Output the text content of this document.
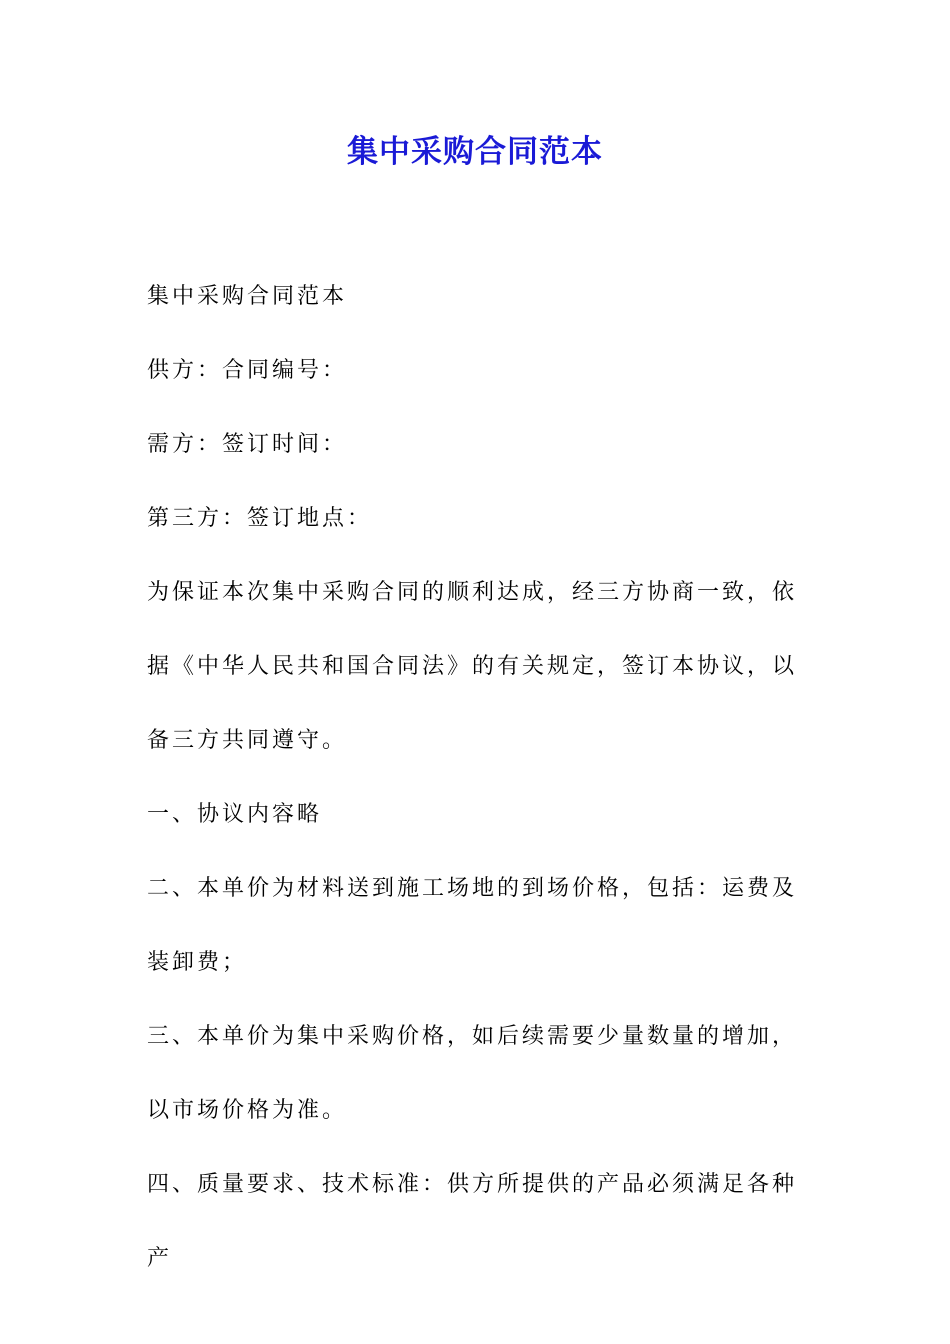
集中采购合同范本

集中采购合同范本

供方：合同编号：

需方：签订时间：

第三方：签订地点：

为保证本次集中采购合同的顺利达成，经三方协商一致，依据《中华人民共和国合同法》的有关规定，签订本协议，以备三方共同遵守。

一、协议内容略

二、本单价为材料送到施工场地的到场价格，包括：运费及装卸费；

三、本单价为集中采购价格，如后续需要少量数量的增加，以市场价格为准。

四、质量要求、技术标准：供方所提供的产品必须满足各种产
